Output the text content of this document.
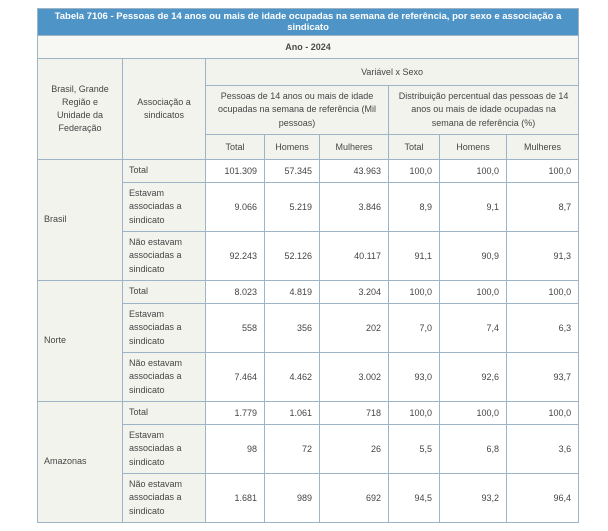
Tabela 7106 - Pessoas de 14 anos ou mais de idade ocupadas na semana de referência, por sexo e associação a sindicato							
Ano - 2024							
Brasil, Grande Região e Unidade da Federação	Associação a sindicatos	Variável x Sexo					
		Pessoas de 14 anos ou mais de idade ocupadas na semana de referência (Mil pessoas)			Distribuição percentual das pessoas de 14 anos ou mais de idade ocupadas na semana de referência (%)		
		Total	Homens	Mulheres	Total	Homens	Mulheres
Brasil	Total	101.309	57.345	43.963	100,0	100,0	100,0
	Estavam associadas a sindicato	9.066	5.219	3.846	8,9	9,1	8,7
	Não estavam associadas a sindicato	92.243	52.126	40.117	91,1	90,9	91,3
Norte	Total	8.023	4.819	3.204	100,0	100,0	100,0
	Estavam associadas a sindicato	558	356	202	7,0	7,4	6,3
	Não estavam associadas a sindicato	7.464	4.462	3.002	93,0	92,6	93,7
Amazonas	Total	1.779	1.061	718	100,0	100,0	100,0
	Estavam associadas a sindicato	98	72	26	5,5	6,8	3,6
	Não estavam associadas a sindicato	1.681	989	692	94,5	93,2	96,4
